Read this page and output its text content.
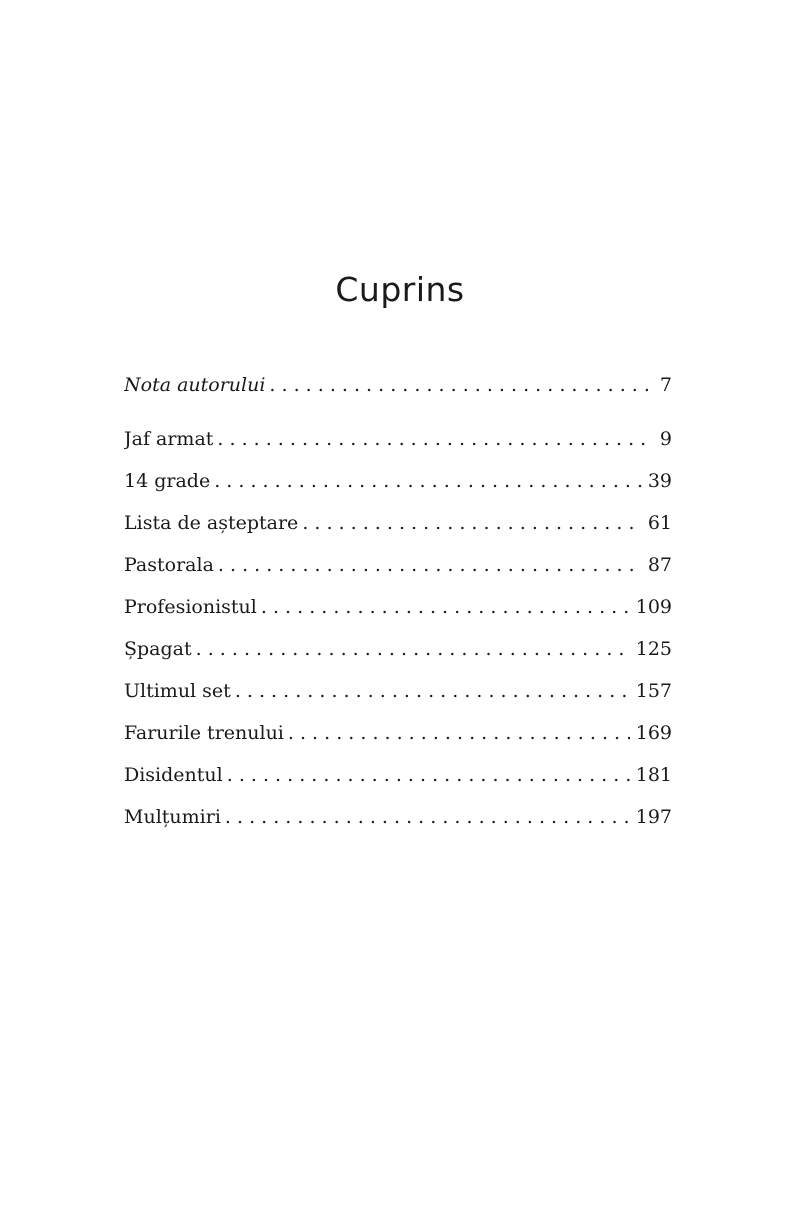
Cuprins
Nota autorului . . .	7
Jaf armat . . .	9
14 grade . . .	39
Lista de așteptare . . .	61
Pastorala . . .	87
Profesionistul . . .	109
Șpagat . . .	125
Ultimul set . . .	157
Farurile trenului . . .	169
Disidentul . . .	181
Mulțumiri . . .	197
